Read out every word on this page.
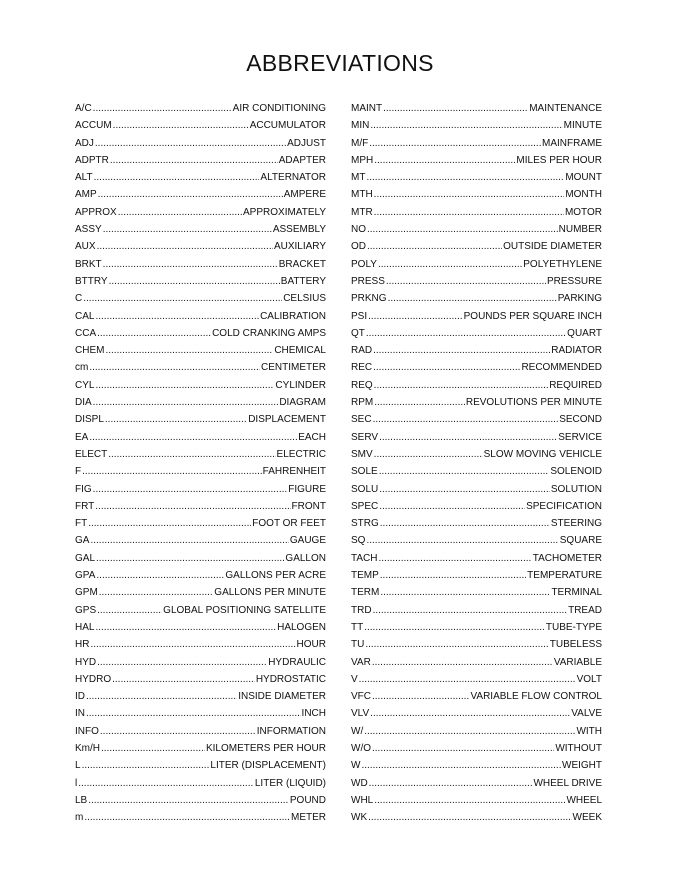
ABBREVIATIONS
A/C .....	AIR CONDITIONING
ACCUM .....	ACCUMULATOR
ADJ .....	ADJUST
ADPTR .....	ADAPTER
ALT .....	ALTERNATOR
AMP .....	AMPERE
APPROX .....	APPROXIMATELY
ASSY .....	ASSEMBLY
AUX .....	AUXILIARY
BRKT .....	BRACKET
BTTRY .....	BATTERY
C .....	CELSIUS
CAL .....	CALIBRATION
CCA .....	COLD CRANKING AMPS
CHEM .....	CHEMICAL
cm .....	CENTIMETER
CYL .....	CYLINDER
DIA .....	DIAGRAM
DISPL .....	DISPLACEMENT
EA .....	EACH
ELECT .....	ELECTRIC
F .....	FAHRENHEIT
FIG .....	FIGURE
FRT .....	FRONT
FT .....	FOOT OR FEET
GA .....	GAUGE
GAL .....	GALLON
GPA .....	GALLONS PER ACRE
GPM .....	GALLONS PER MINUTE
GPS .....	GLOBAL POSITIONING SATELLITE
HAL .....	HALOGEN
HR .....	HOUR
HYD .....	HYDRAULIC
HYDRO .....	HYDROSTATIC
ID .....	INSIDE DIAMETER
IN .....	INCH
INFO .....	INFORMATION
Km/H .....	KILOMETERS PER HOUR
L .....	LITER (DISPLACEMENT)
l .....	LITER (LIQUID)
LB .....	POUND
m .....	METER
MAINT .....	MAINTENANCE
MIN .....	MINUTE
M/F .....	MAINFRAME
MPH .....	MILES PER HOUR
MT .....	MOUNT
MTH .....	MONTH
MTR .....	MOTOR
NO .....	NUMBER
OD .....	OUTSIDE DIAMETER
POLY .....	POLYETHYLENE
PRESS .....	PRESSURE
PRKNG .....	PARKING
PSI .....	POUNDS PER SQUARE INCH
QT .....	QUART
RAD .....	RADIATOR
REC .....	RECOMMENDED
REQ .....	REQUIRED
RPM .....	REVOLUTIONS PER MINUTE
SEC .....	SECOND
SERV .....	SERVICE
SMV .....	SLOW MOVING VEHICLE
SOLE .....	SOLENOID
SOLU .....	SOLUTION
SPEC .....	SPECIFICATION
STRG .....	STEERING
SQ .....	SQUARE
TACH .....	TACHOMETER
TEMP .....	TEMPERATURE
TERM .....	TERMINAL
TRD .....	TREAD
TT .....	TUBE-TYPE
TU .....	TUBELESS
VAR .....	VARIABLE
V .....	VOLT
VFC .....	VARIABLE FLOW CONTROL
VLV .....	VALVE
W/ .....	WITH
W/O .....	WITHOUT
W .....	WEIGHT
WD .....	WHEEL DRIVE
WHL .....	WHEEL
WK .....	WEEK
